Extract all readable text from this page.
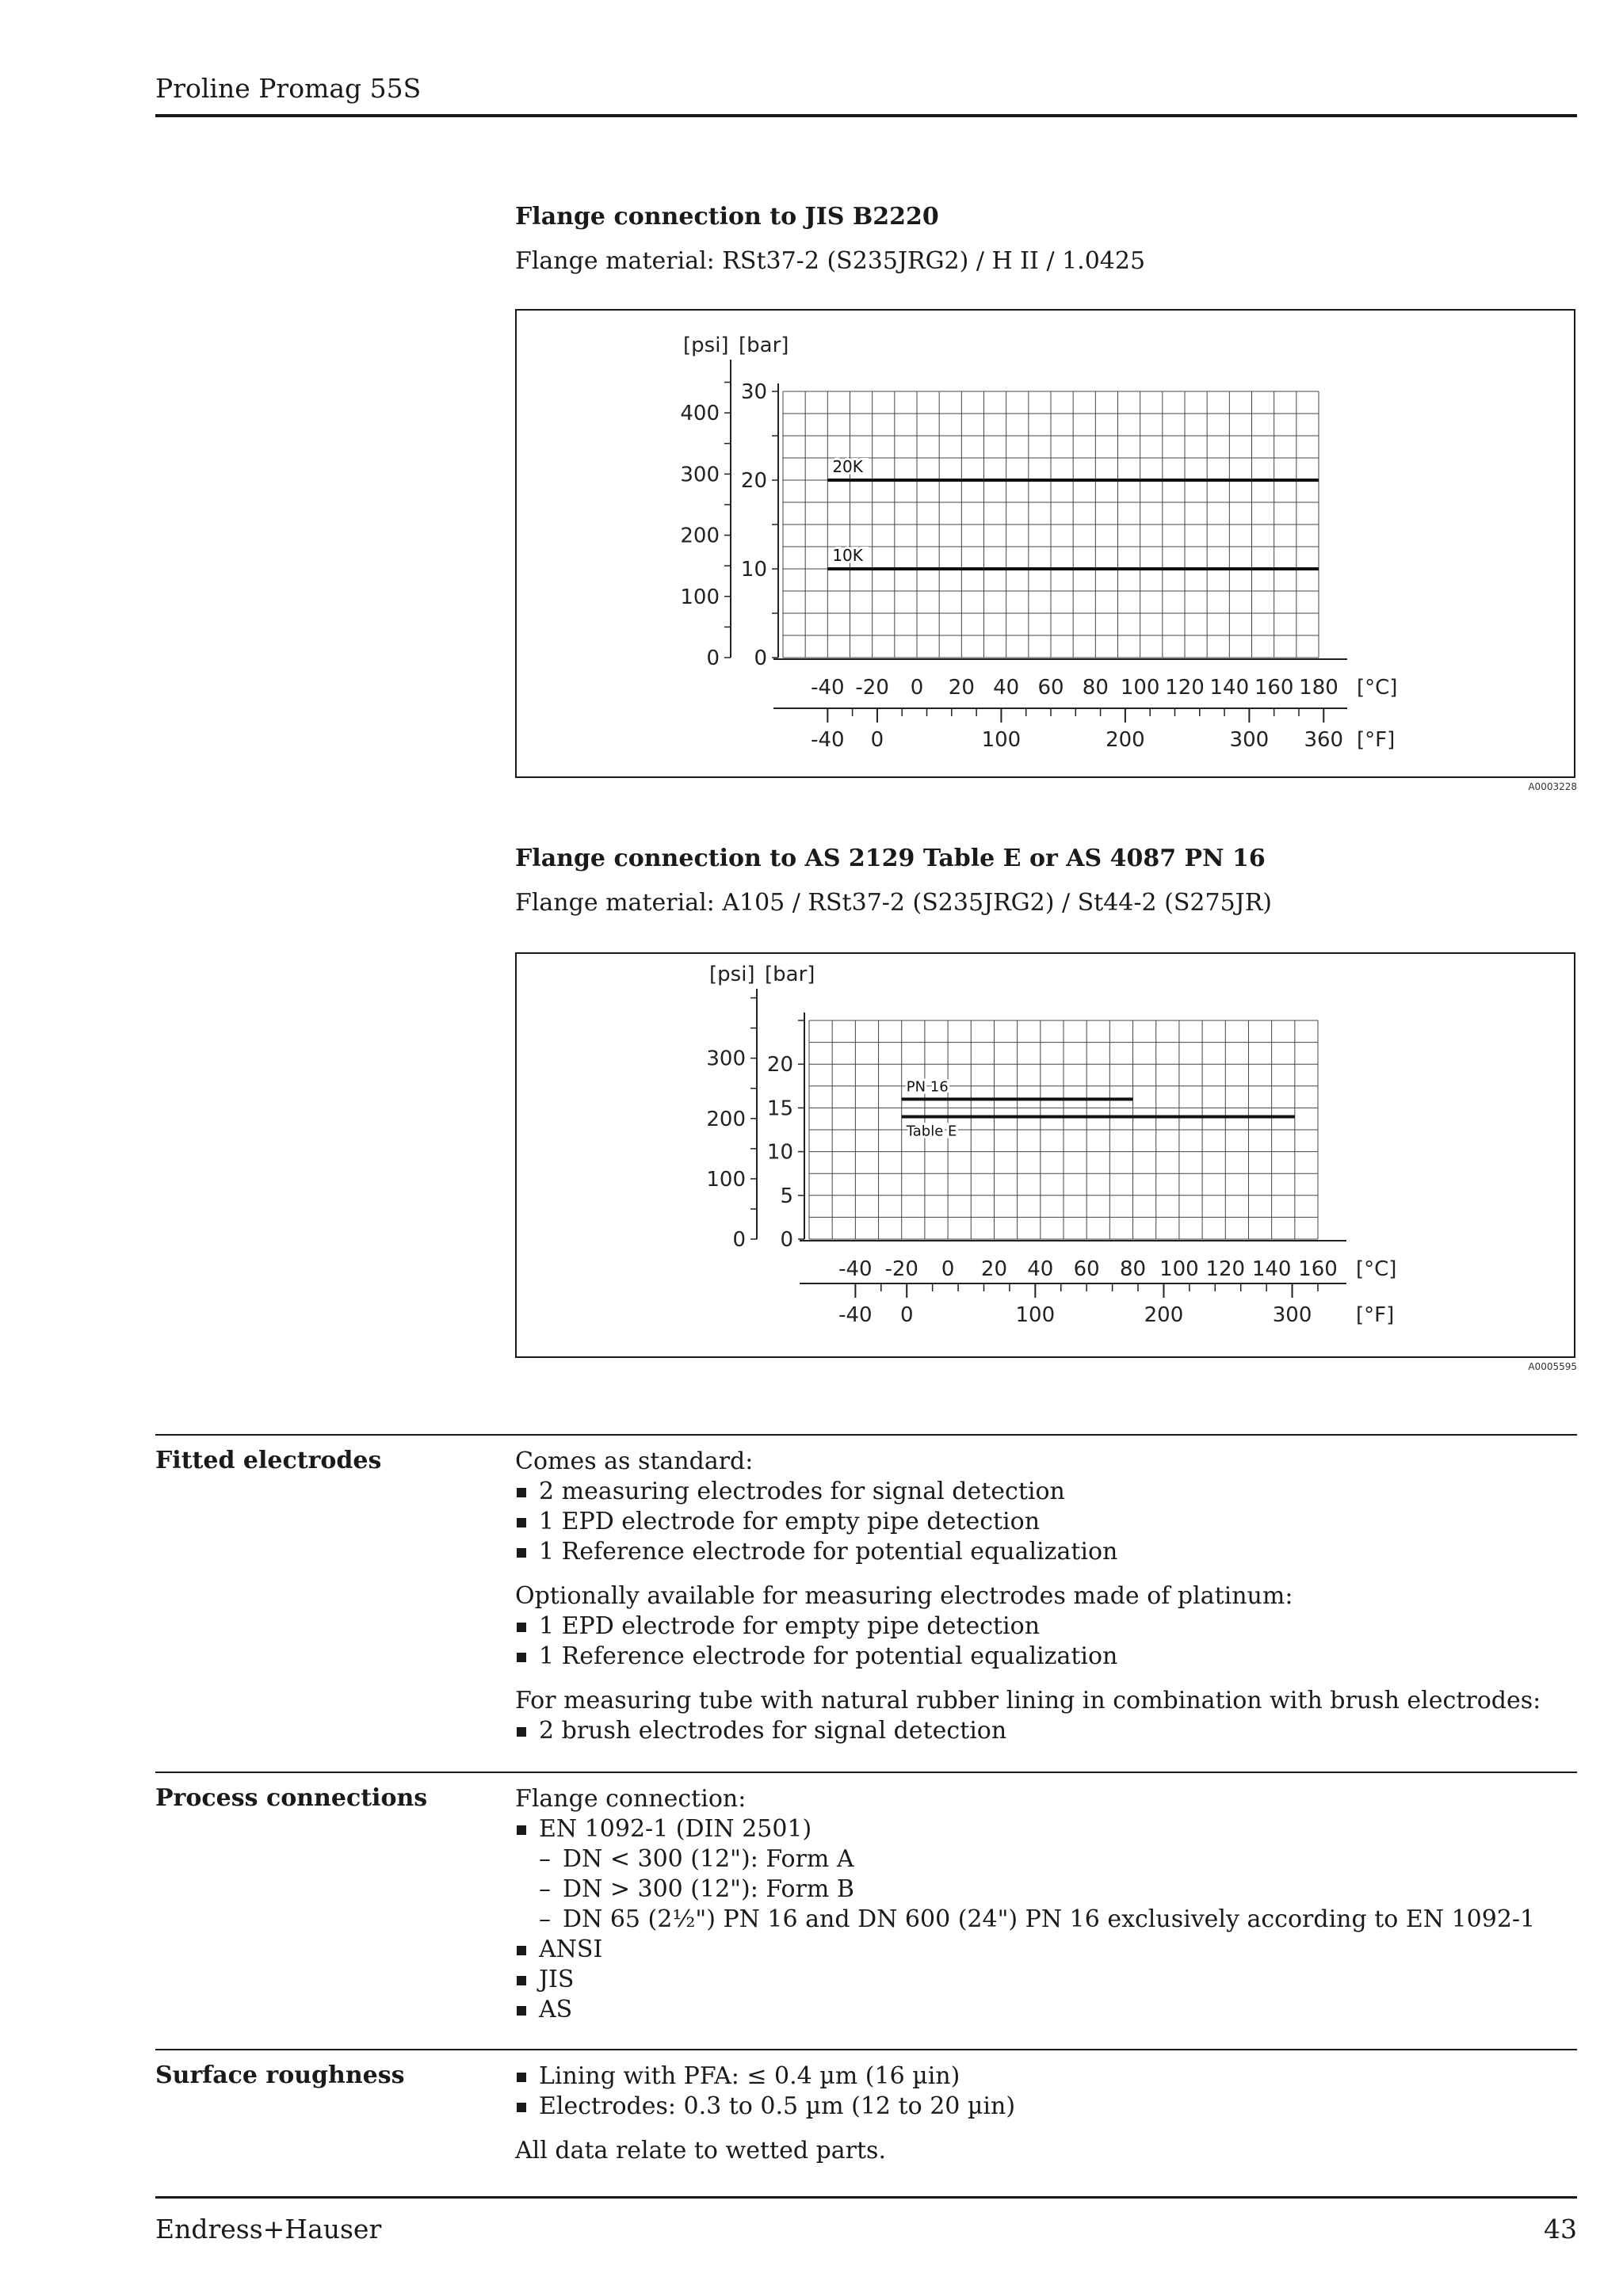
Proline Promag 55S
Flange connection to JIS B2220
Flange material: RSt37-2 (S235JRG2) / H II / 1.0425
0
10
20
30
0
100
200
300
400
-40 -20 0 20 40 60 80 100 120 140 160 180
-40 0	100	200	300 360
[psi] [bar]
[°C]
[°F]
20K
10K
A0003228
Flange connection to AS 2129 Table E or AS 4087 PN 16
Flange material: A105 / RSt37-2 (S235JRG2) / St44-2 (S275JR)
0
5
10
15
20
0
100
200
300
-40 -20 0 20 40 60 80 100 120 140 160
-40 0	100	200	300
[psi] [bar]
[°C]
[°F]
PN 16
Table E
A0005595
Fitted electrodes	Comes as standard:

2 measuring electrodes for signal detection
1 EPD electrode for empty pipe detection
1 Reference electrode for potential equalization

Optionally available for measuring electrodes made of platinum:

1 EPD electrode for empty pipe detection
1 Reference electrode for potential equalization

For measuring tube with natural rubber lining in combination with brush electrodes:

2 brush electrodes for signal detection
Process connections	Flange connection:

EN 1092-1 (DIN 2501)
– DN < 300 (12"): Form A
– DN > 300 (12"): Form B
– DN 65 (2½") PN 16 and DN 600 (24") PN 16 exclusively according to EN 1092-1
ANSI
JIS
AS
Surface roughness	Lining with PFA: ≤ 0.4 µm (16 µin)
Electrodes: 0.3 to 0.5 µm (12 to 20 µin)

All data relate to wetted parts.

Endress+Hauser	43
